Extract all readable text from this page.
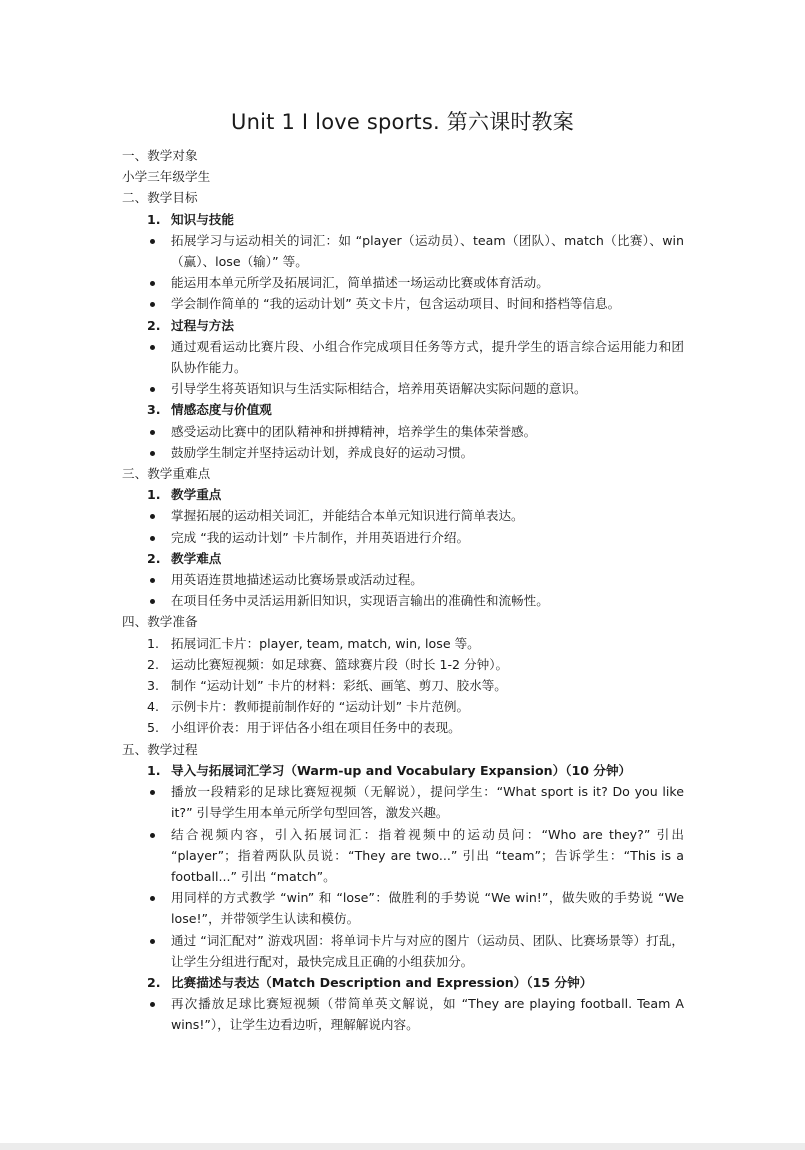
Unit 1 I love sports. 第六课时教案
一、教学对象
小学三年级学生
二、教学目标
1. 知识与技能
拓展学习与运动相关的词汇：如 “player（运动员）、team（团队）、match（比赛）、win（赢）、lose（输）” 等。
能运用本单元所学及拓展词汇，简单描述一场运动比赛或体育活动。
学会制作简单的 “我的运动计划” 英文卡片，包含运动项目、时间和搭档等信息。
2. 过程与方法
通过观看运动比赛片段、小组合作完成项目任务等方式，提升学生的语言综合运用能力和团队协作能力。
引导学生将英语知识与生活实际相结合，培养用英语解决实际问题的意识。
3. 情感态度与价值观
感受运动比赛中的团队精神和拼搏精神，培养学生的集体荣誉感。
鼓励学生制定并坚持运动计划，养成良好的运动习惯。
三、教学重难点
1. 教学重点
掌握拓展的运动相关词汇，并能结合本单元知识进行简单表达。
完成 “我的运动计划” 卡片制作，并用英语进行介绍。
2. 教学难点
用英语连贯地描述运动比赛场景或活动过程。
在项目任务中灵活运用新旧知识，实现语言输出的准确性和流畅性。
四、教学准备
1. 拓展词汇卡片：player, team, match, win, lose 等。
2. 运动比赛短视频：如足球赛、篮球赛片段（时长 1-2 分钟）。
3. 制作 “运动计划” 卡片的材料：彩纸、画笔、剪刀、胶水等。
4. 示例卡片：教师提前制作好的 “运动计划” 卡片范例。
5. 小组评价表：用于评估各小组在项目任务中的表现。
五、教学过程
1. 导入与拓展词汇学习（Warm-up and Vocabulary Expansion）（10 分钟）
播放一段精彩的足球比赛短视频（无解说），提问学生：“What sport is it? Do you like it?” 引导学生用本单元所学句型回答，激发兴趣。
结合视频内容，引入拓展词汇：指着视频中的运动员问：“Who are they?” 引出 “player”；指着两队队员说：“They are two...” 引出 “team”；告诉学生：“This is a football...” 引出 “match”。
用同样的方式教学 “win” 和 “lose”：做胜利的手势说 “We win!”，做失败的手势说 “We lose!”，并带领学生认读和模仿。
通过 “词汇配对” 游戏巩固：将单词卡片与对应的图片（运动员、团队、比赛场景等）打乱，让学生分组进行配对，最快完成且正确的小组获加分。
2. 比赛描述与表达（Match Description and Expression）（15 分钟）
再次播放足球比赛短视频（带简单英文解说，如 “They are playing football. Team A wins!”），让学生边看边听，理解解说内容。
